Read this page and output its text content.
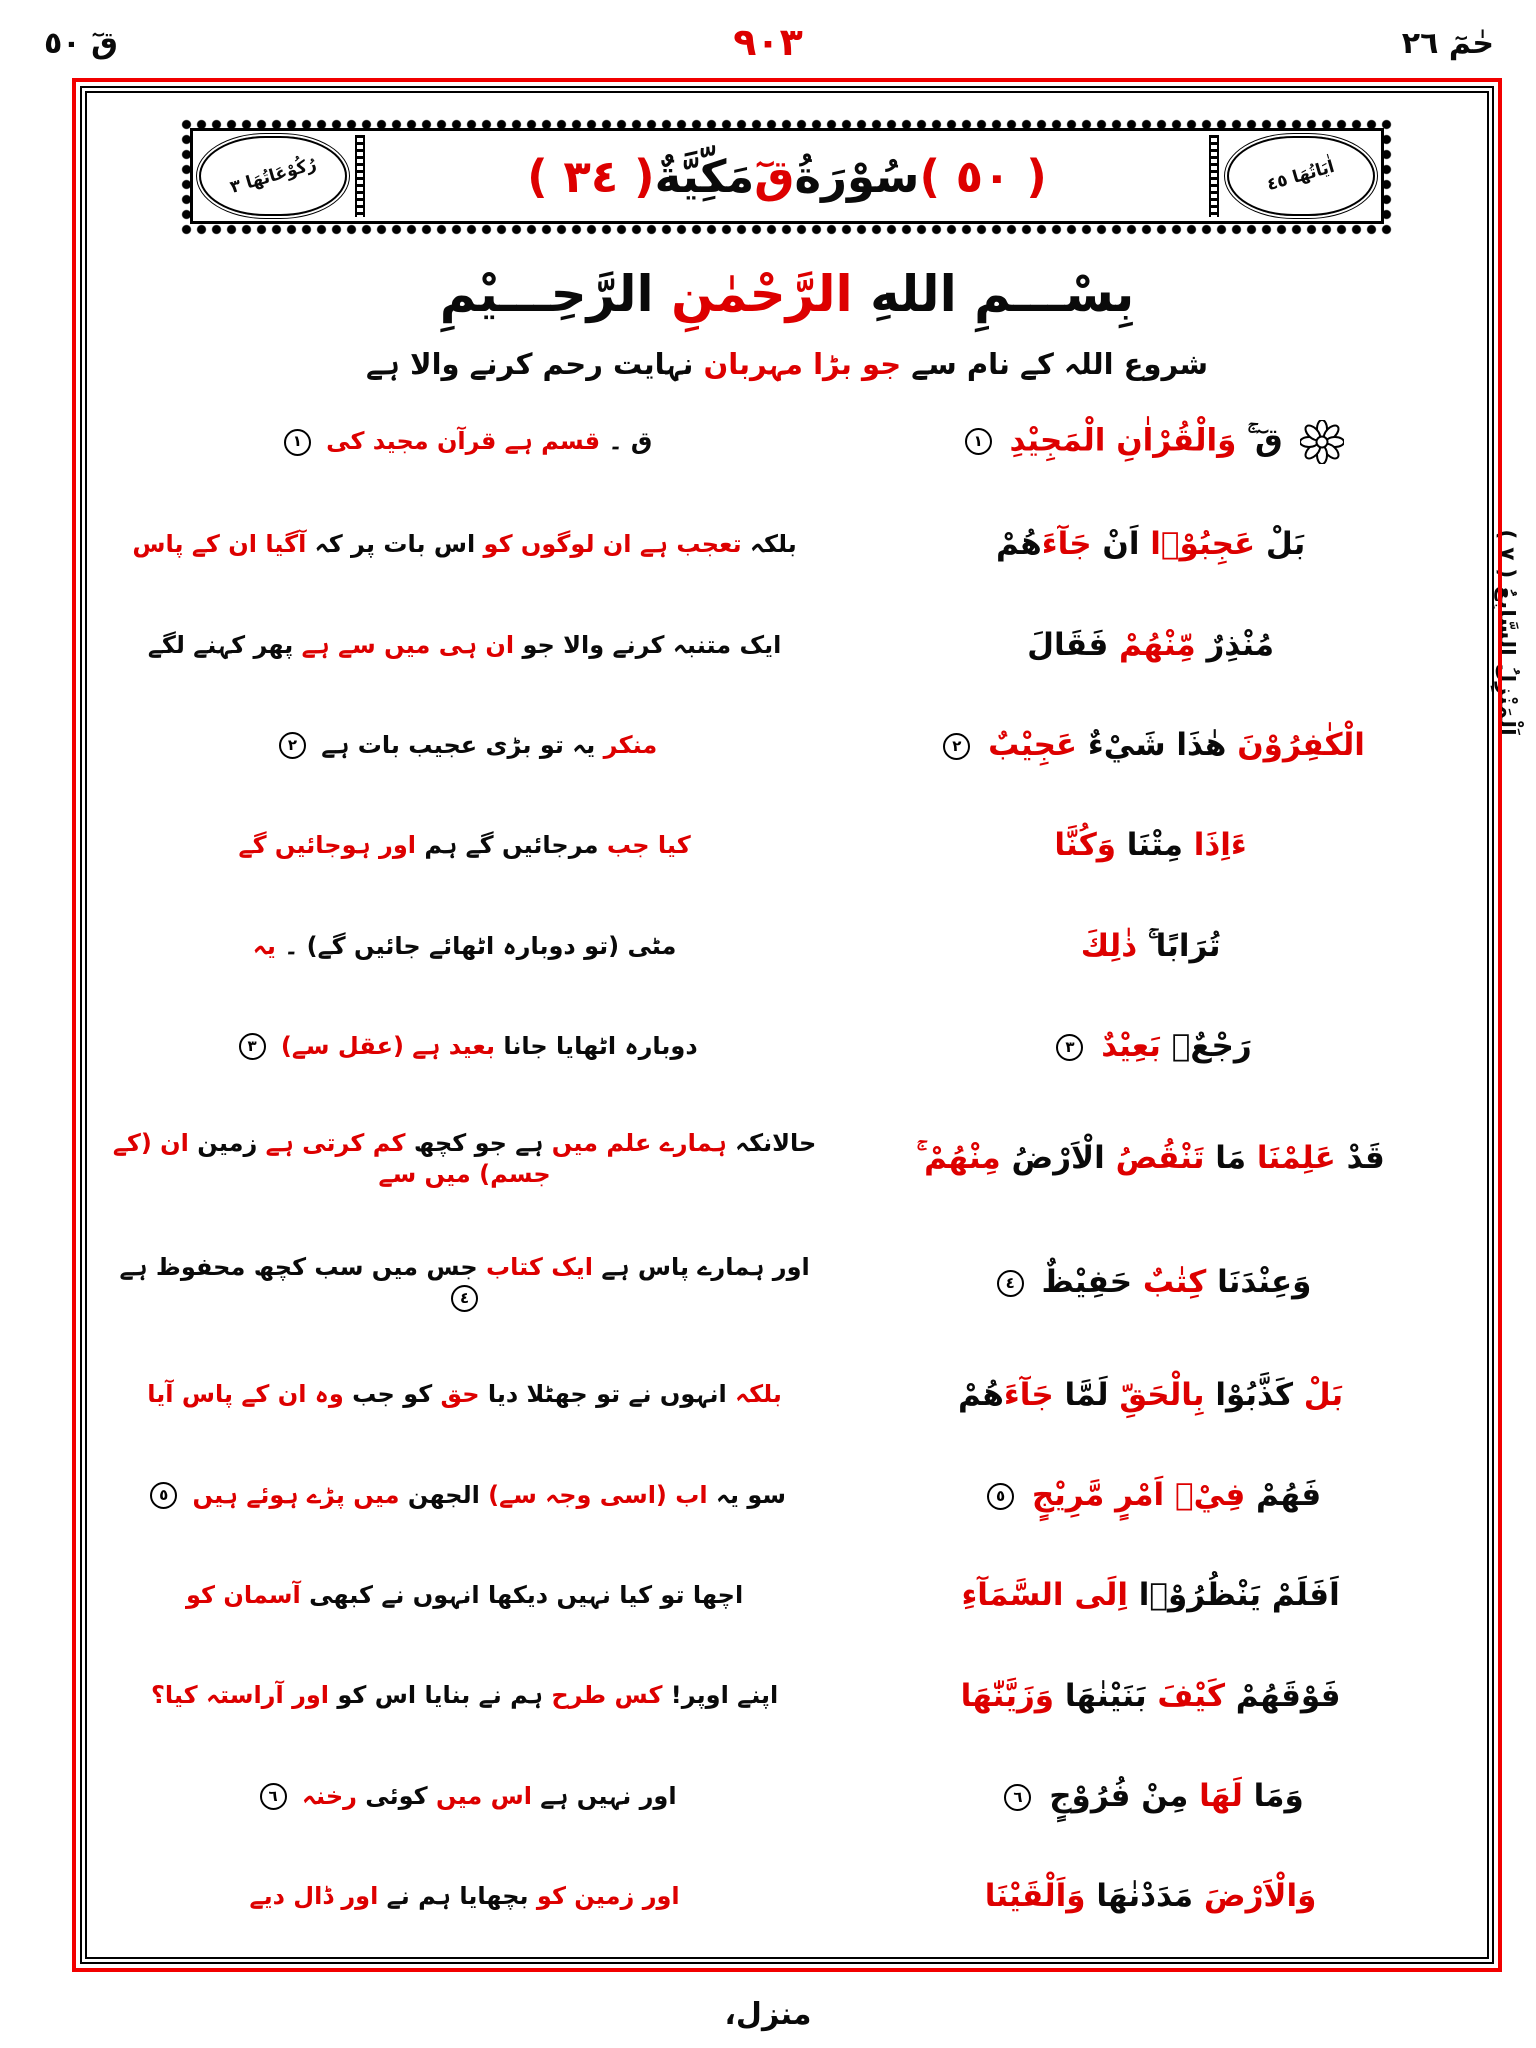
قٓ ٥٠	٩٠٣	حٰمٓ ٢٦
اَلْمَنْزِلُ السَّابِعُ ( ٧ )
رُکُوْعَاتُهَا ٣	( ٥٠ )
سُوْرَةُ
قٓ
مَكِّيَّةٌ
( ٣٤ )	اٰیَاتُهَا ٤٥
بِسْـــمِ اللهِ الرَّحْمٰنِ الرَّحِـــيْمِ
شروع اللہ کے نام سے جو بڑا مہربان نہایت رحم کرنے والا ہے
قٓ ۚ وَالْقُرْاٰنِ الْمَجِيْدِ ١
ق ۔ قسم ہے قرآن مجید کی ١
بَلْ عَجِبُوْۤا اَنْ جَآءَهُمْ
بلکہ تعجب ہے ان لوگوں کو اس بات پر کہ آگیا ان کے پاس
مُنْذِرٌ مِّنْهُمْ فَقَالَ
ایک متنبہ کرنے والا جو ان ہی میں سے ہے پھر کہنے لگے
الْكٰفِرُوْنَ هٰذَا شَيْءٌ عَجِيْبٌ ٢
منکر یہ تو بڑی عجیب بات ہے ٢
ءَاِذَا مِتْنَا وَكُنَّا
کیا جب مرجائیں گے ہم اور ہوجائیں گے
تُرَابًا ۚ ذٰلِكَ
مٹی (تو دوبارہ اٹھائے جائیں گے) ۔ یہ
رَجْعٌۢ بَعِيْدٌ ٣
دوبارہ اٹھایا جانا بعید ہے (عقل سے) ٣
قَدْ عَلِمْنَا مَا تَنْقُصُ الْاَرْضُ مِنْهُمْ ۚ
حالانکہ ہمارے علم میں ہے جو کچھ کم کرتی ہے زمین ان (کے جسم) میں سے
وَعِنْدَنَا كِتٰبٌ حَفِيْظٌ ٤
اور ہمارے پاس ہے ایک کتاب جس میں سب کچھ محفوظ ہے ٤
بَلْ كَذَّبُوْا بِالْحَقِّ لَمَّا جَآءَهُمْ
بلکہ انہوں نے تو جھٹلا دیا حق کو جب وہ ان کے پاس آیا
فَهُمْ فِيْۤ اَمْرٍ مَّرِيْجٍ ٥
سو یہ اب (اسی وجہ سے) الجھن میں پڑے ہوئے ہیں ٥
اَفَلَمْ يَنْظُرُوْۤا اِلَى السَّمَآءِ
اچھا تو کیا نہیں دیکھا انہوں نے کبھی آسمان کو
فَوْقَهُمْ كَيْفَ بَنَيْنٰهَا وَزَيَّنّٰهَا
اپنے اوپر! کس طرح ہم نے بنایا اس کو اور آراستہ کیا؟
وَمَا لَهَا مِنْ فُرُوْجٍ ٦
اور نہیں ہے اس میں کوئی رخنہ ٦
وَالْاَرْضَ مَدَدْنٰهَا وَاَلْقَيْنَا
اور زمین کو بچھایا ہم نے اور ڈال دیے
منزل،
